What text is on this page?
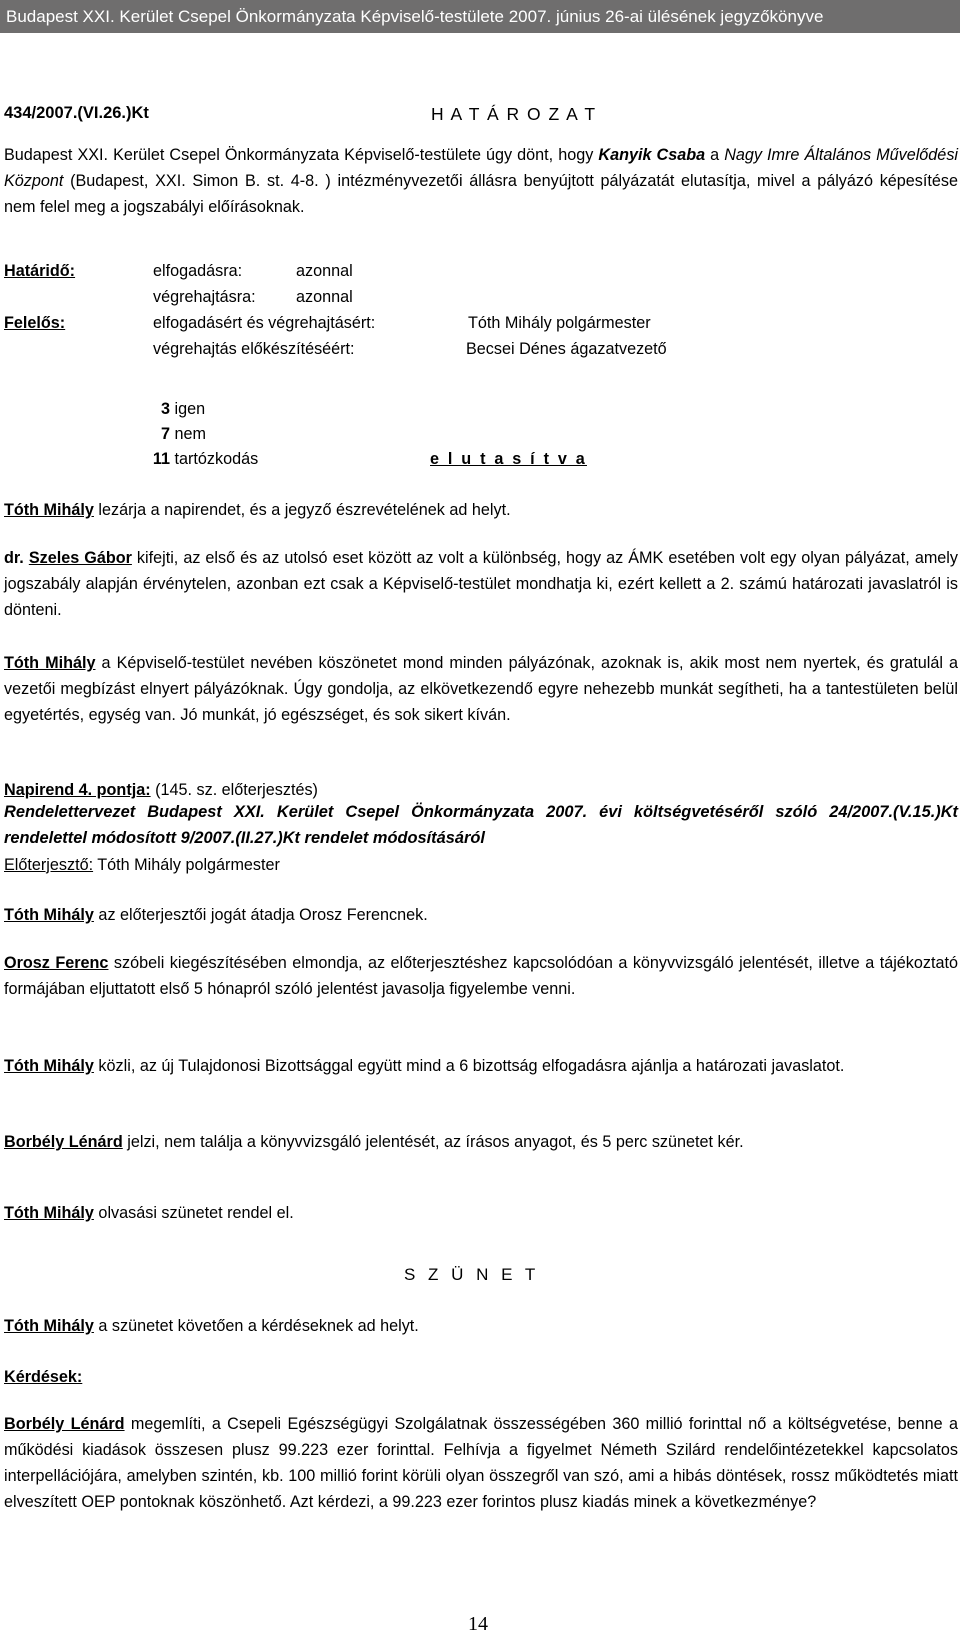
Budapest XXI. Kerület Csepel Önkormányzata Képviselő-testülete 2007. június 26-ai ülésének jegyzőkönyve
434/2007.(VI.26.)Kt	H A T Á R O Z A T
Budapest XXI. Kerület Csepel Önkormányzata Képviselő-testülete úgy dönt, hogy Kanyik Csaba a Nagy Imre Általános Művelődési Központ (Budapest, XXI. Simon B. st. 4-8. ) intézményvezetői állásra benyújtott pályázatát elutasítja, mivel a pályázó képesítése nem felel meg a jogszabályi előírásoknak.
Határidő:	elfogadásra:	azonnal
végrehajtásra: azonnal
Felelős:	elfogadásért és végrehajtásért:	Tóth Mihály polgármester
végrehajtás előkészítéséért:	Becsei Dénes ágazatvezető
3 igen
7 nem
11 tartózkodás	e l u t a s í t v a
Tóth Mihály lezárja a napirendet, és a jegyző észrevételének ad helyt.
dr. Szeles Gábor kifejti, az első és az utolsó eset között az volt a különbség, hogy az ÁMK esetében volt egy olyan pályázat, amely jogszabály alapján érvénytelen, azonban ezt csak a Képviselő-testület mondhatja ki, ezért kellett a 2. számú határozati javaslatról is dönteni.
Tóth Mihály a Képviselő-testület nevében köszönetet mond minden pályázónak, azoknak is, akik most nem nyertek, és gratulál a vezetői megbízást elnyert pályázóknak. Úgy gondolja, az elkövetkezendő egyre nehezebb munkát segítheti, ha a tantestületen belül egyetértés, egység van. Jó munkát, jó egészséget, és sok sikert kíván.
Napirend 4. pontja: (145. sz. előterjesztés)
Rendelettervezet Budapest XXI. Kerület Csepel Önkormányzata 2007. évi költségvetéséről szóló 24/2007.(V.15.)Kt rendelettel módosított 9/2007.(II.27.)Kt rendelet módosításáról
Előterjesztő: Tóth Mihály polgármester
Tóth Mihály az előterjesztői jogát átadja Orosz Ferencnek.
Orosz Ferenc szóbeli kiegészítésében elmondja, az előterjesztéshez kapcsolódóan a könyvvizsgáló jelentését, illetve a tájékoztató formájában eljuttatott első 5 hónapról szóló jelentést javasolja figyelembe venni.
Tóth Mihály közli, az új Tulajdonosi Bizottsággal együtt mind a 6 bizottság elfogadásra ajánlja a határozati javaslatot.
Borbély Lénárd jelzi, nem találja a könyvvizsgáló jelentését, az írásos anyagot, és 5 perc szünetet kér.
Tóth Mihály olvasási szünetet rendel el.
S Z Ü N E T
Tóth Mihály a szünetet követően a kérdéseknek ad helyt.
Kérdések:
Borbély Lénárd megemlíti, a Csepeli Egészségügyi Szolgálatnak összességében 360 millió forinttal nő a költségvetése, benne a működési kiadások összesen plusz 99.223 ezer forinttal. Felhívja a figyelmet Németh Szilárd rendelőintézetekkel kapcsolatos interpellációjára, amelyben szintén, kb. 100 millió forint körüli olyan összegről van szó, ami a hibás döntések, rossz működtetés miatt elveszített OEP pontoknak köszönhető. Azt kérdezi, a 99.223 ezer forintos plusz kiadás minek a következménye?
14
